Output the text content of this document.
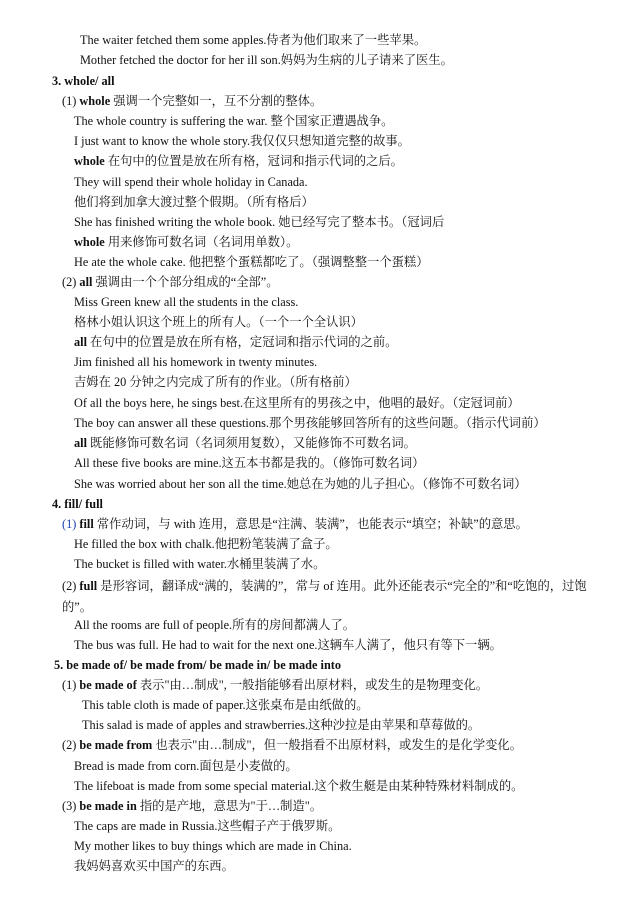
The waiter fetched them some apples.侍者为他们取来了一些苹果。
Mother fetched the doctor for her ill son.妈妈为生病的儿子请来了医生。
3. whole/ all
(1) whole 强调一个完整如一，互不分割的整体。
The whole country is suffering the war. 整个国家正遭遇战争。
I just want to know the whole story.我仅仅只想知道完整的故事。
whole 在句中的位置是放在所有格，冠词和指示代词的之后。
They will spend their whole holiday in Canada.
他们将到加拿大渡过整个假期。（所有格后）
She has finished writing the whole book. 她已经写完了整本书。（冠词后
whole 用来修饰可数名词（名词用单数）。
He ate the whole cake. 他把整个蛋糕都吃了。（强调整整一个蛋糕）
(2) all 强调由一个个部分组成的“全部”。
Miss Green knew all the students in the class.
格林小姐认识这个班上的所有人。（一个一个全认识）
all 在句中的位置是放在所有格，定冠词和指示代词的之前。
Jim finished all his homework in twenty minutes.
吉姆在 20 分钟之内完成了所有的作业。（所有格前）
Of all the boys here, he sings best.在这里所有的男孩之中，他唱的最好。（定冠词前）
The boy can answer all these questions.那个男孩能够回答所有的这些问题。（指示代词前）
all 既能修饰可数名词（名词须用复数），又能修饰不可数名词。
All these five books are mine.这五本书都是我的。（修饰可数名词）
She was worried about her son all the time.她总在为她的儿子担心。（修饰不可数名词）
4. fill/ full
(1) fill 常作动词，与 with 连用，意思是“注满、装满”，也能表示“填空；补缺”的意思。
He filled the box with chalk.他把粉笔装满了盒子。
The bucket is filled with water.水桶里装满了水。
(2) full 是形容词，翻译成“满的，装满的”，常与 of 连用。此外还能表示“完全的”和“吃饱的，过饱的”。
All the rooms are full of people.所有的房间都满人了。
The bus was full. He had to wait for the next one.这辆车人满了，他只有等下一辆。
5. be made of/ be made from/ be made in/ be made into
(1) be made of 表示"由…制成", 一般指能够看出原材料，或发生的是物理变化。
This table cloth is made of paper.这张桌布是由纸做的。
This salad is made of apples and strawberries.这种沙拉是由苹果和草莓做的。
(2) be made from 也表示"由…制成"，但一般指看不出原材料，或发生的是化学变化。
Bread is made from corn.面包是小麦做的。
The lifeboat is made from some special material.这个救生艇是由某种特殊材料制成的。
(3) be made in 指的是产地，意思为"于…制造"。
The caps are made in Russia.这些帽子产于俄罗斯。
My mother likes to buy things which are made in China.
我妈妈喜欢买中国产的东西。
